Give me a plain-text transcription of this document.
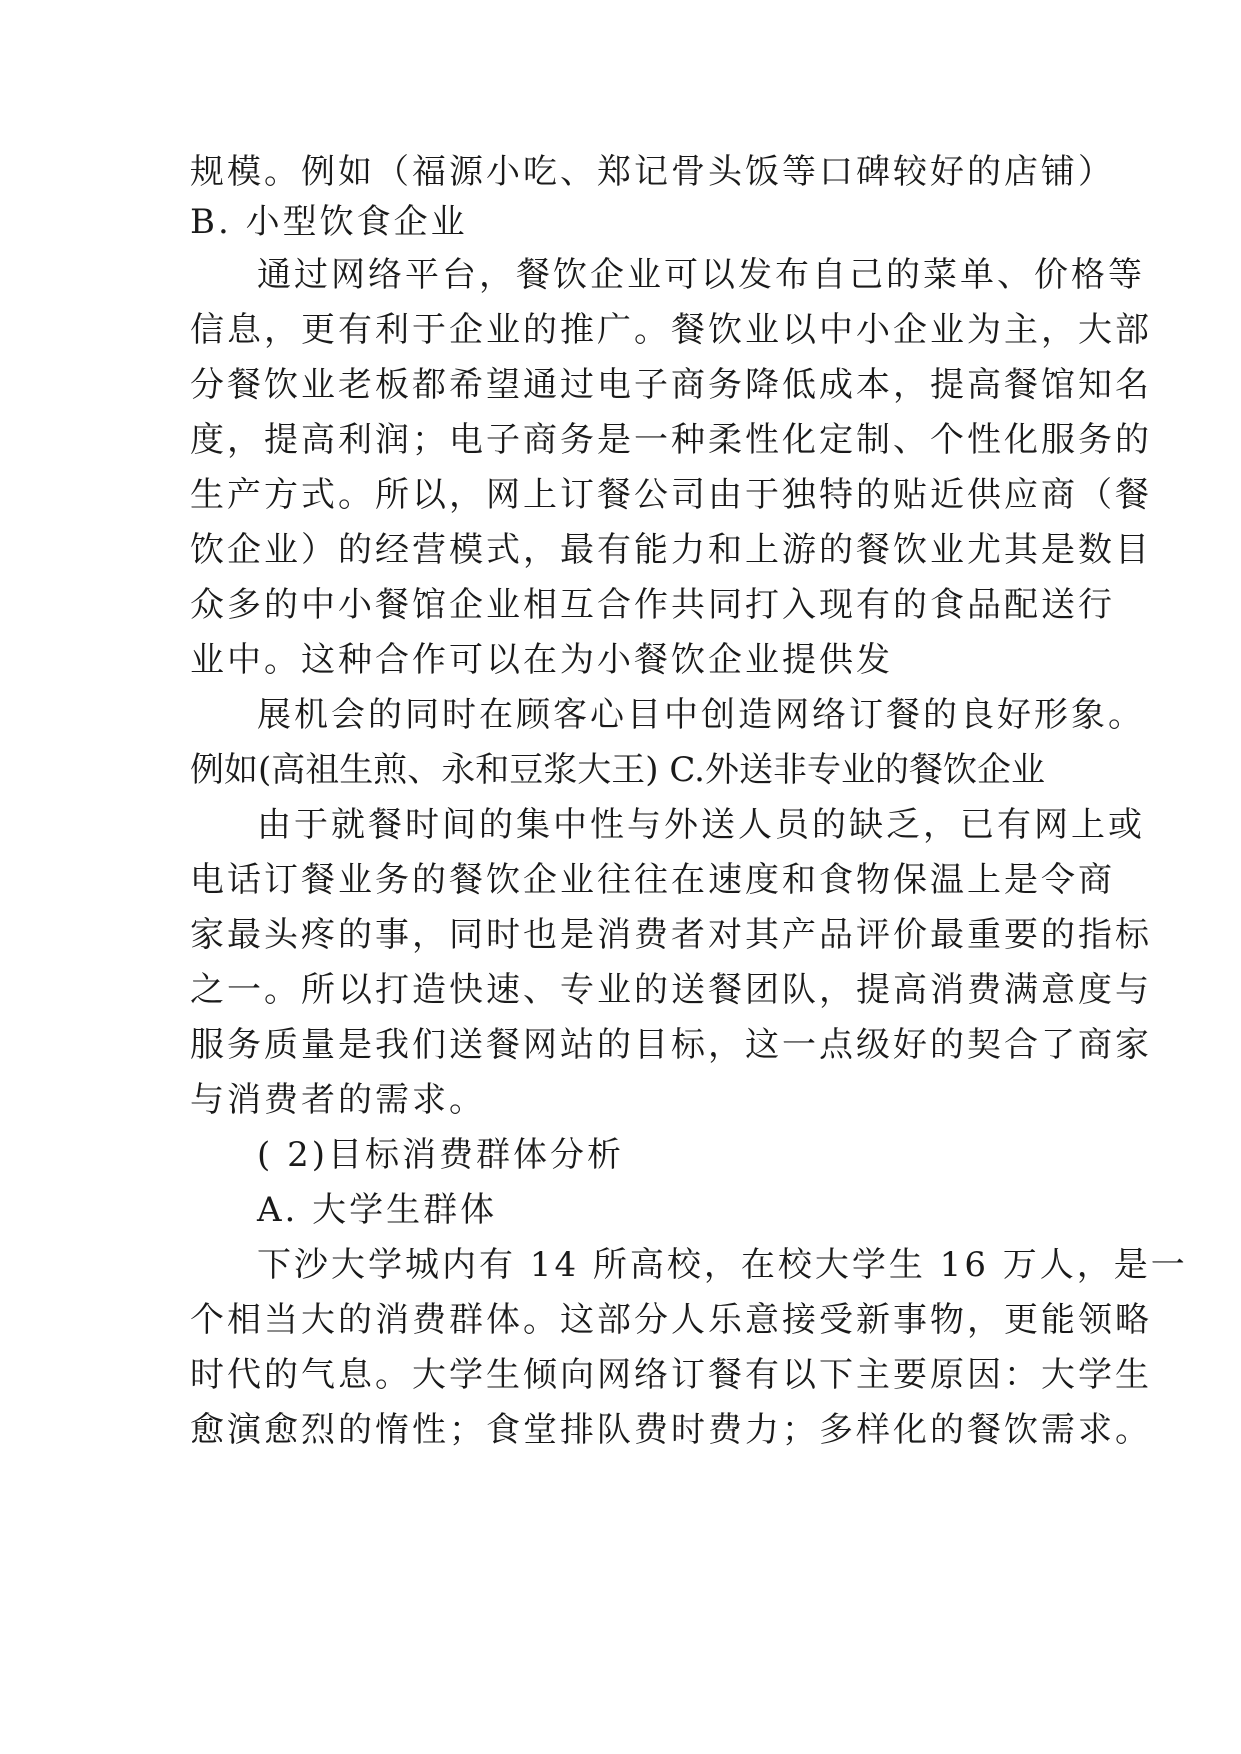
规模。例如（福源小吃、郑记骨头饭等口碑较好的店铺）
B. 小型饮食企业
通过网络平台，餐饮企业可以发布自己的菜单、价格等
信息，更有利于企业的推广。餐饮业以中小企业为主，大部
分餐饮业老板都希望通过电子商务降低成本，提高餐馆知名
度，提高利润；电子商务是一种柔性化定制、个性化服务的
生产方式。所以，网上订餐公司由于独特的贴近供应商（餐
饮企业）的经营模式，最有能力和上游的餐饮业尤其是数目
众多的中小餐馆企业相互合作共同打入现有的食品配送行
业中。这种合作可以在为小餐饮企业提供发
展机会的同时在顾客心目中创造网络订餐的良好形象。
例如(高祖生煎、永和豆浆大王) C.外送非专业的餐饮企业
由于就餐时间的集中性与外送人员的缺乏，已有网上或
电话订餐业务的餐饮企业往往在速度和食物保温上是令商
家最头疼的事，同时也是消费者对其产品评价最重要的指标
之一。所以打造快速、专业的送餐团队，提高消费满意度与
服务质量是我们送餐网站的目标，这一点级好的契合了商家
与消费者的需求。
( 2)目标消费群体分析
A. 大学生群体
下沙大学城内有 14 所高校，在校大学生 16 万人，是一
个相当大的消费群体。这部分人乐意接受新事物，更能领略
时代的气息。大学生倾向网络订餐有以下主要原因：大学生
愈演愈烈的惰性；食堂排队费时费力；多样化的餐饮需求。
